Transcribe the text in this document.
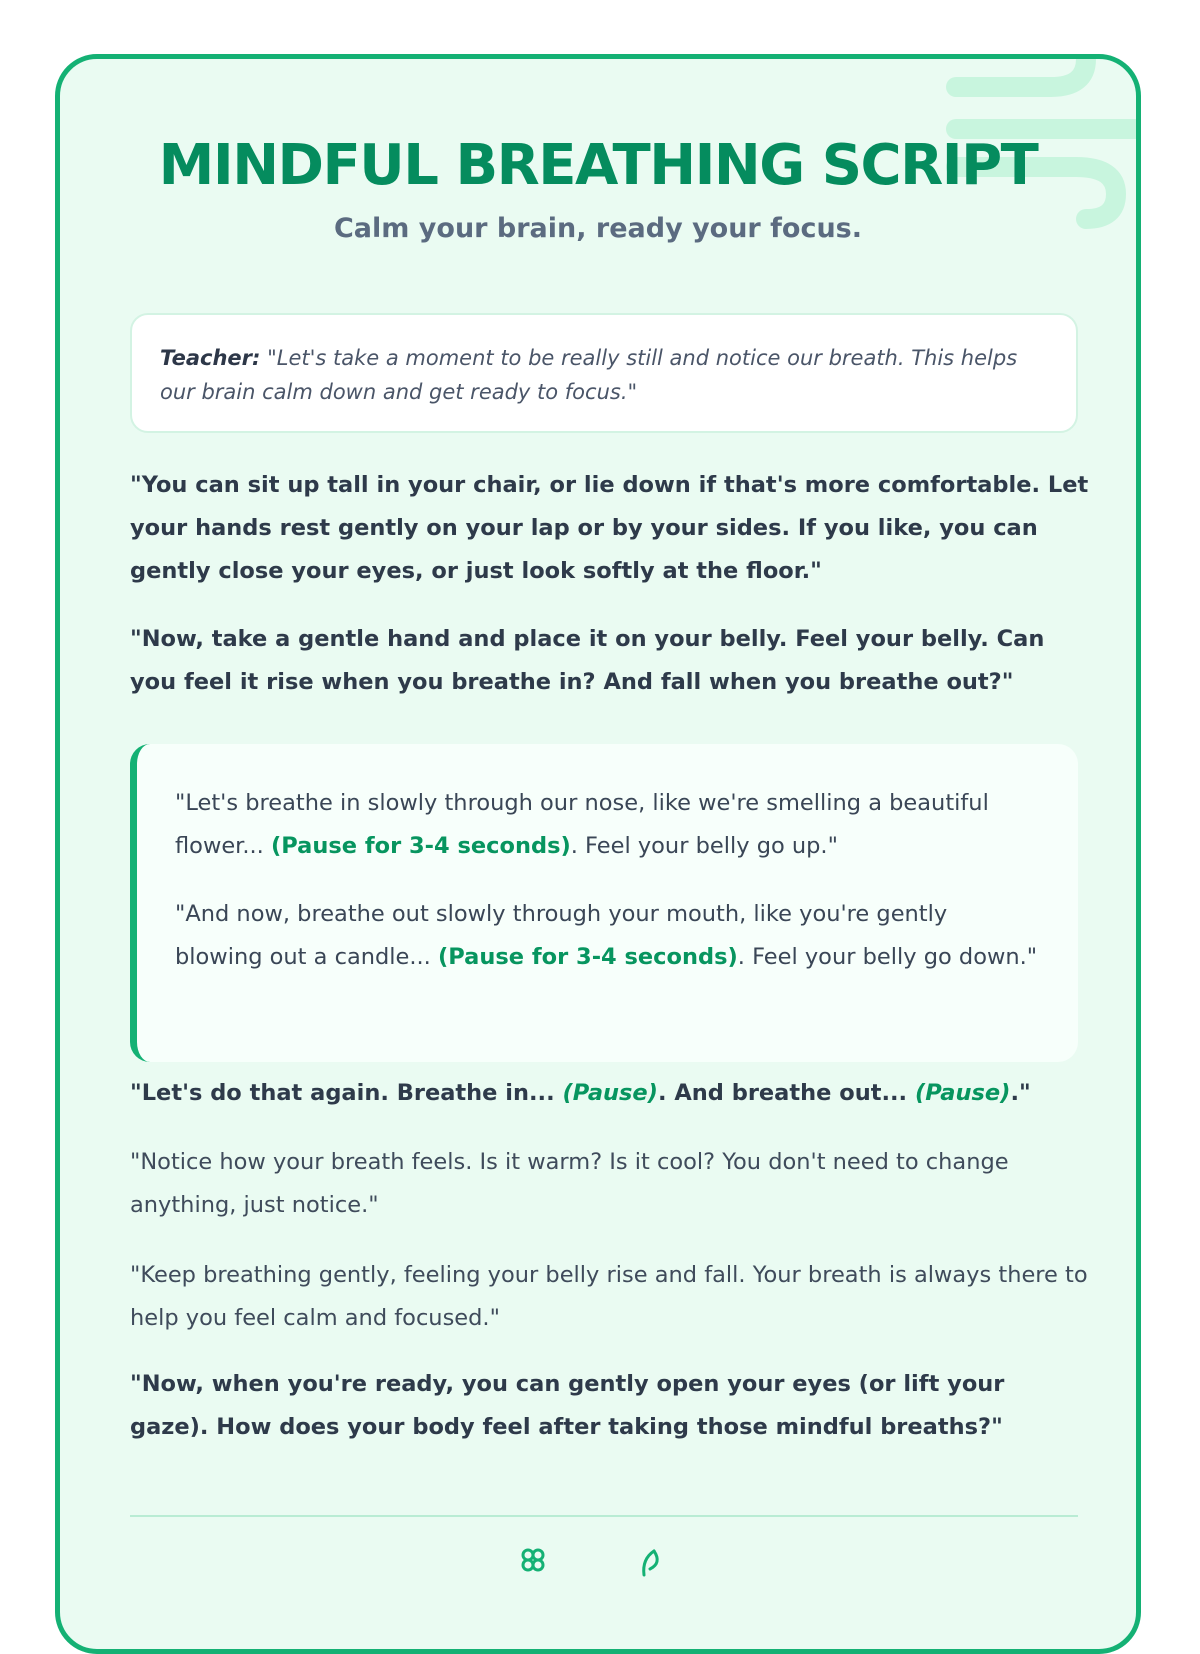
MINDFUL BREATHING SCRIPT

Calm your brain, ready your focus.

Teacher: "Let's take a moment to be really still and notice our breath. This helps our brain calm down and get ready to focus."

"You can sit up tall in your chair, or lie down if that's more comfortable. Let your hands rest gently on your lap or by your sides. If you like, you can gently close your eyes, or just look softly at the floor."

"Now, take a gentle hand and place it on your belly. Feel your belly. Can you feel it rise when you breathe in? And fall when you breathe out?"

"Let's breathe in slowly through our nose, like we're smelling a beautiful flower... (Pause for 3-4 seconds). Feel your belly go up."

"And now, breathe out slowly through your mouth, like you're gently blowing out a candle... (Pause for 3-4 seconds). Feel your belly go down."

"Let's do that again. Breathe in... (Pause). And breathe out... (Pause)."

"Notice how your breath feels. Is it warm? Is it cool? You don't need to change anything, just notice."

"Keep breathing gently, feeling your belly rise and fall. Your breath is always there to help you feel calm and focused."

"Now, when you're ready, you can gently open your eyes (or lift your gaze). How does your body feel after taking those mindful breaths?"
